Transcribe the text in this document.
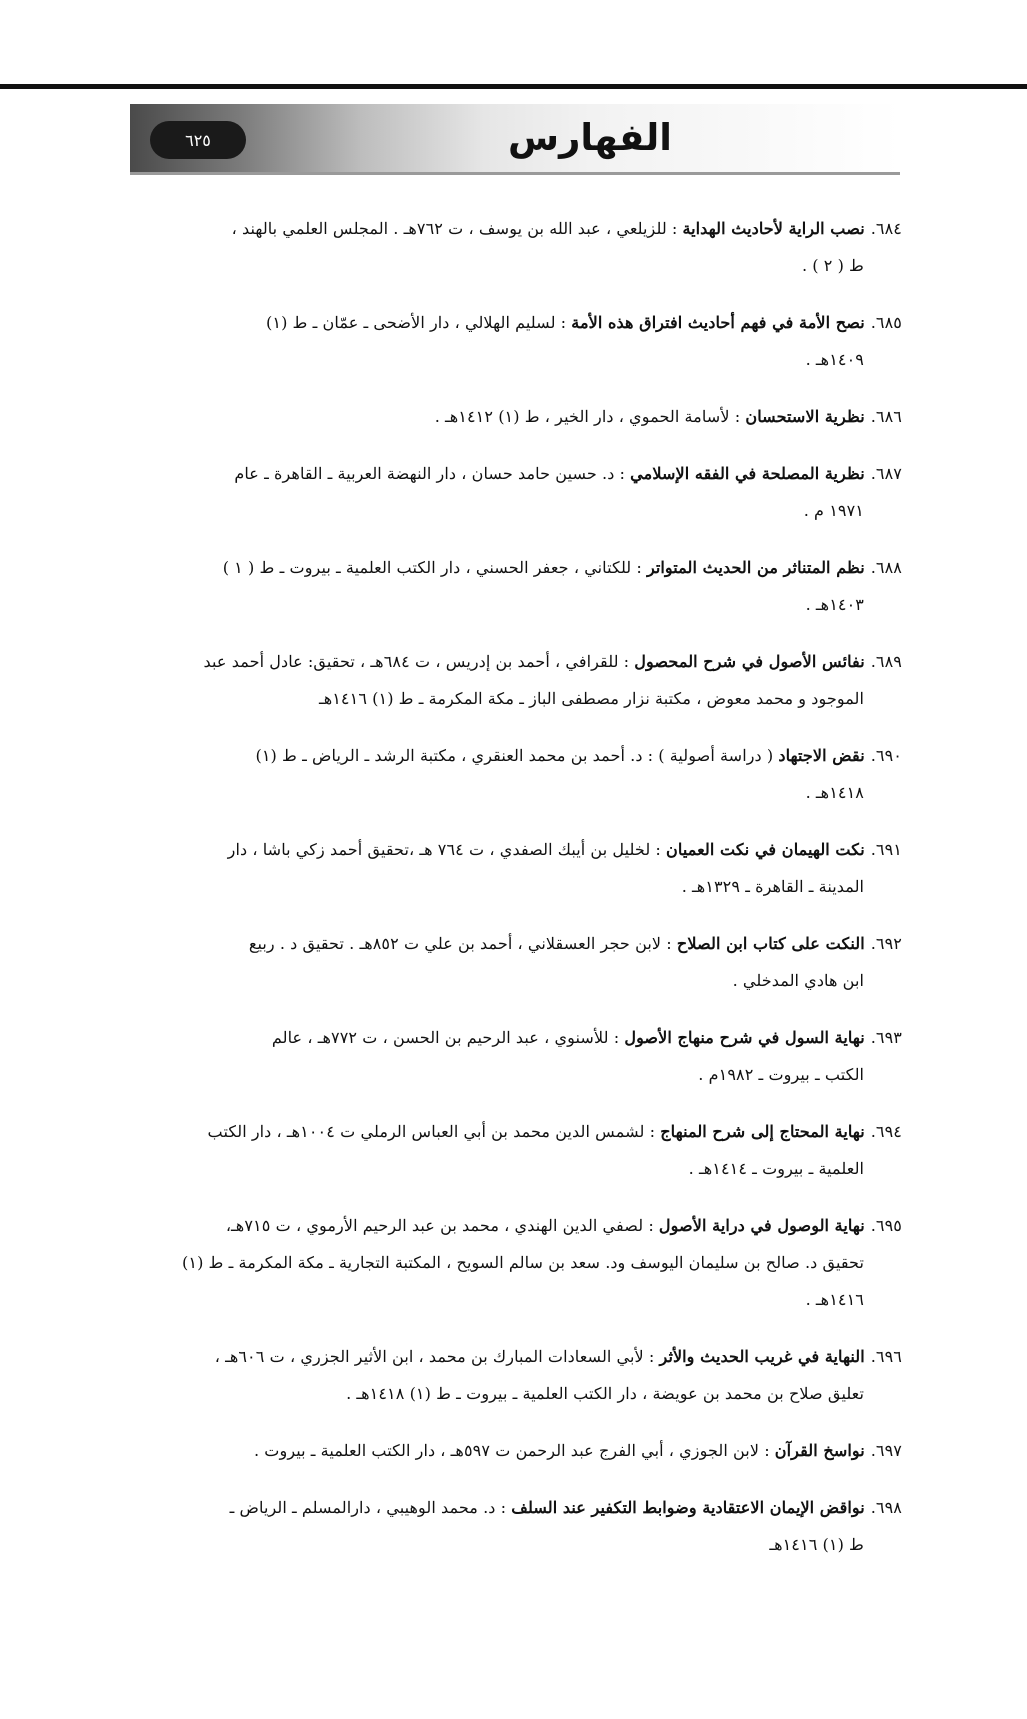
٦٢٥	الفهارس
٦٨٤.نصب الراية لأحاديث الهداية : للزيلعي ، عبد الله بن يوسف ، ت ٧٦٢هـ . المجلس العلمي بالهند ،
ط ( ٢ ) .
٦٨٥.نصح الأمة في فهم أحاديث افتراق هذه الأمة : لسليم الهلالي ، دار الأضحى ـ عمّان ـ ط (١)
١٤٠٩هـ .
٦٨٦.نظرية الاستحسان : لأسامة الحموي ، دار الخير ، ط (١) ١٤١٢هـ .
٦٨٧.نظرية المصلحة في الفقه الإسلامي : د. حسين حامد حسان ، دار النهضة العربية ـ القاهرة ـ عام
١٩٧١ م .
٦٨٨.نظم المتناثر من الحديث المتواتر : للكتاني ، جعفر الحسني ، دار الكتب العلمية ـ بيروت ـ ط ( ١ )
١٤٠٣هـ .
٦٨٩.نفائس الأصول في شرح المحصول : للقرافي ، أحمد بن إدريس ، ت ٦٨٤هـ ، تحقيق: عادل أحمد عبد
الموجود و محمد معوض ، مكتبة نزار مصطفى الباز ـ مكة المكرمة ـ ط (١) ١٤١٦هـ
٦٩٠.نقض الاجتهاد ( دراسة أصولية ) : د. أحمد بن محمد العنقري ، مكتبة الرشد ـ الرياض ـ ط (١)
١٤١٨هـ .
٦٩١.نكت الهيمان في نكت العميان : لخليل بن أيبك الصفدي ، ت ٧٦٤ هـ ،تحقيق أحمد زكي باشا ، دار
المدينة ـ القاهرة ـ ١٣٢٩هـ .
٦٩٢.النكت على كتاب ابن الصلاح : لابن حجر العسقلاني ، أحمد بن علي ت ٨٥٢هـ . تحقيق د . ربيع
ابن هادي المدخلي .
٦٩٣.نهاية السول في شرح منهاج الأصول : للأسنوي ، عبد الرحيم بن الحسن ، ت ٧٧٢هـ ، عالم
الكتب ـ بيروت ـ ١٩٨٢م .
٦٩٤.نهاية المحتاج إلى شرح المنهاج : لشمس الدين محمد بن أبي العباس الرملي ت ١٠٠٤هـ ، دار الكتب
العلمية ـ بيروت ـ ١٤١٤هـ .
٦٩٥.نهاية الوصول في دراية الأصول : لصفي الدين الهندي ، محمد بن عبد الرحيم الأرموي ، ت ٧١٥هـ،
تحقيق د. صالح بن سليمان اليوسف ود. سعد بن سالم السويح ، المكتبة التجارية ـ مكة المكرمة ـ ط (١)
١٤١٦هـ .
٦٩٦.النهاية في غريب الحديث والأثر : لأبي السعادات المبارك بن محمد ، ابن الأثير الجزري ، ت ٦٠٦هـ ،
تعليق صلاح بن محمد بن عويضة ، دار الكتب العلمية ـ بيروت ـ ط (١) ١٤١٨هـ .
٦٩٧.نواسخ القرآن : لابن الجوزي ، أبي الفرج عبد الرحمن ت ٥٩٧هـ ، دار الكتب العلمية ـ بيروت .
٦٩٨.نواقض الإيمان الاعتقادية وضوابط التكفير عند السلف : د. محمد الوهيبي ، دارالمسلم ـ الرياض ـ
ط (١) ١٤١٦هـ
